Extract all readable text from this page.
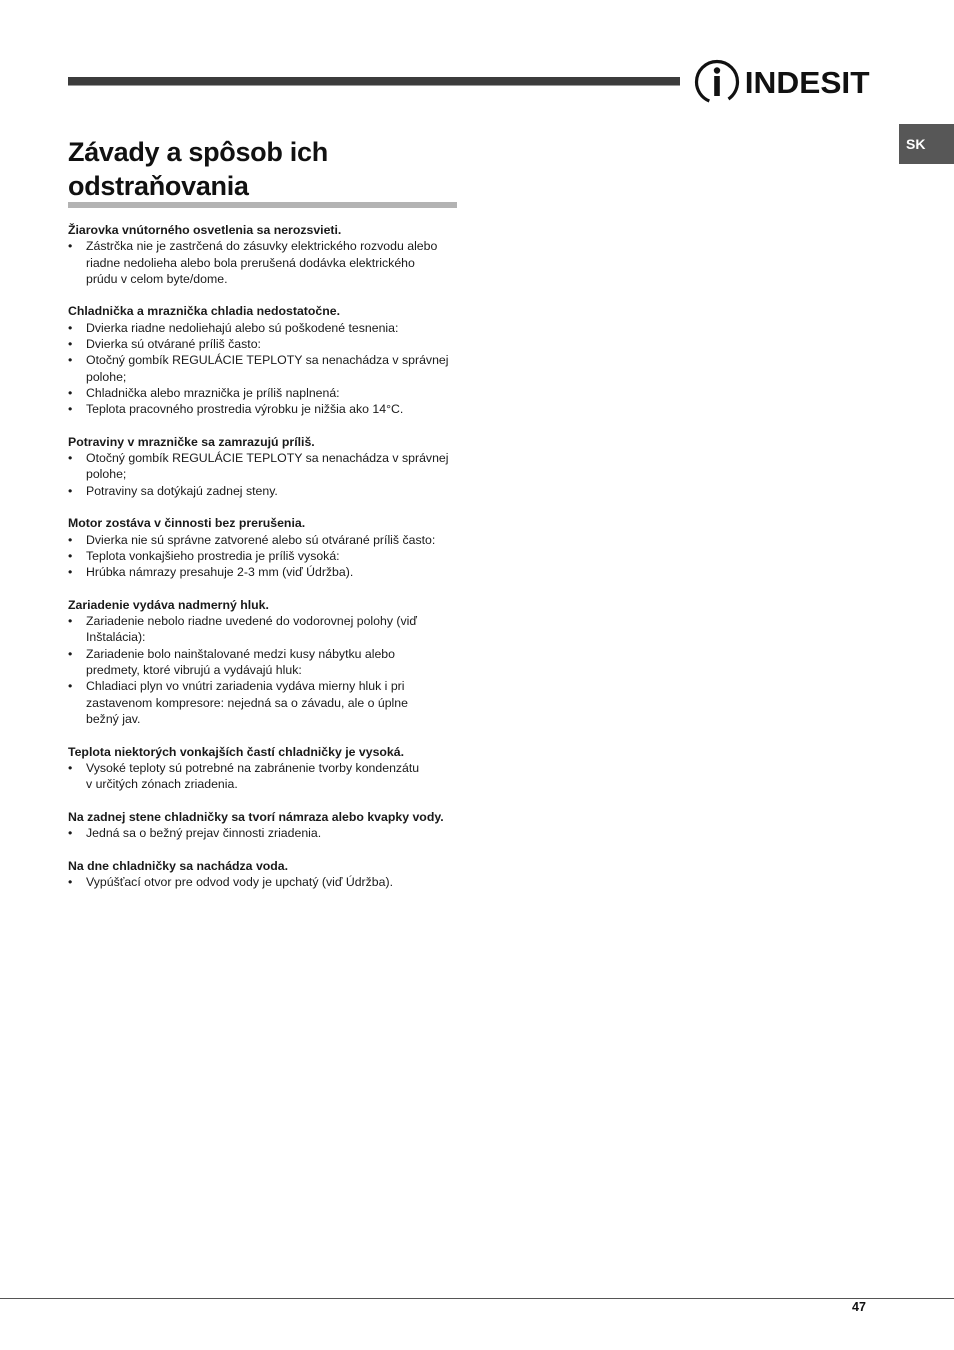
INDESIT
SK
Závady a spôsob ich
odstraňovania

Žiarovka vnútorného osvetlenia sa nerozsvieti.

• Zástrčka nie je zastrčená do zásuvky elektrického rozvodu alebo
riadne nedolieha alebo bola prerušená dodávka elektrického
prúdu v celom byte/dome.

Chladnička a mraznička chladia nedostatočne.

• Dvierka riadne nedoliehajú alebo sú poškodené tesnenia:
• Dvierka sú otvárané príliš často:
• Otočný gombík REGULÁCIE TEPLOTY sa nenachádza v správnej
polohe;
• Chladnička alebo mraznička je príliš naplnená:
• Teplota pracovného prostredia výrobku je nižšia ako 14°C.

Potraviny v mrazničke sa zamrazujú príliš.

• Otočný gombík REGULÁCIE TEPLOTY sa nenachádza v správnej
polohe;
• Potraviny sa dotýkajú zadnej steny.

Motor zostáva v činnosti bez prerušenia.

• Dvierka nie sú správne zatvorené alebo sú otvárané príliš často:
• Teplota vonkajšieho prostredia je príliš vysoká:
• Hrúbka námrazy presahuje 2-3 mm (viď Údržba).

Zariadenie vydáva nadmerný hluk.

• Zariadenie nebolo riadne uvedené do vodorovnej polohy (viď
Inštalácia):
• Zariadenie bolo nainštalované medzi kusy nábytku alebo
predmety, ktoré vibrujú a vydávajú hluk:
• Chladiaci plyn vo vnútri zariadenia vydáva mierny hluk i pri
zastavenom kompresore: nejedná sa o závadu, ale o úplne
bežný jav.

Teplota niektorých vonkajších častí chladničky je vysoká.

• Vysoké teploty sú potrebné na zabránenie tvorby kondenzátu
v určitých zónach zriadenia.

Na zadnej stene chladničky sa tvorí námraza alebo kvapky vody.

• Jedná sa o bežný prejav činnosti zriadenia.

Na dne chladničky sa nachádza voda.

• Vypúšťací otvor pre odvod vody je upchatý (viď Údržba).
47
